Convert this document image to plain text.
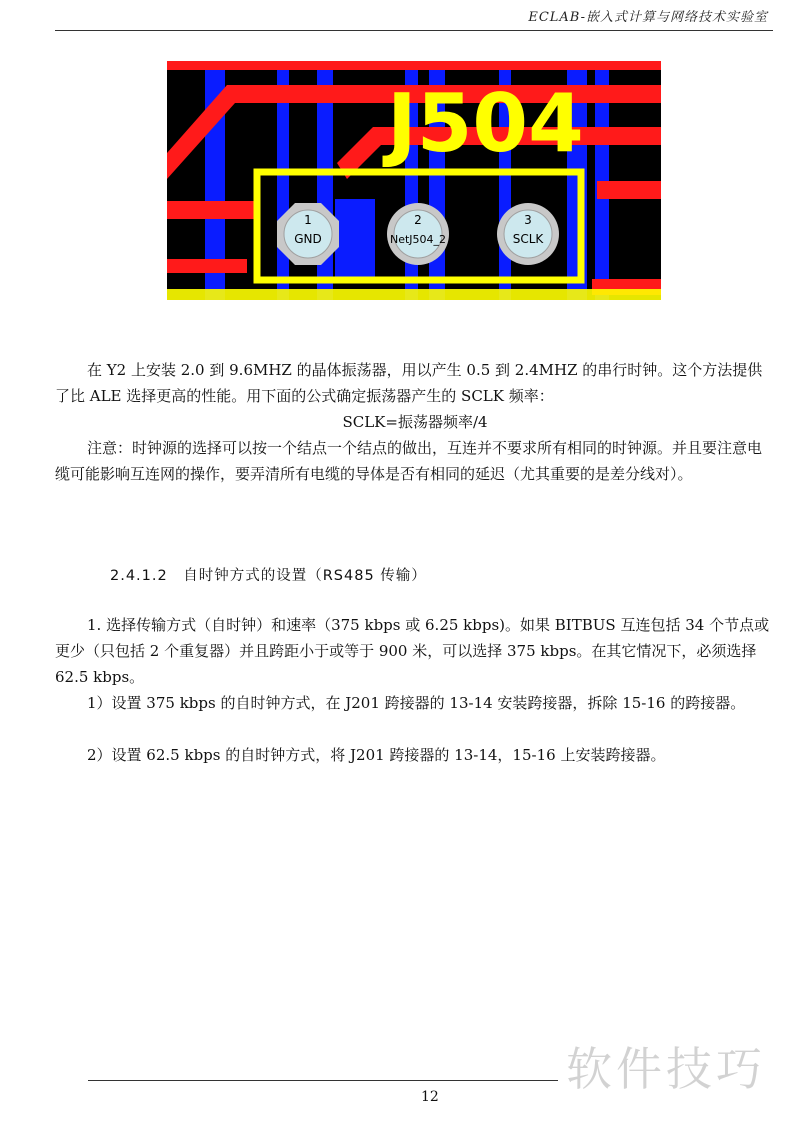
ECLAB-嵌入式计算与网络技术实验室
J504
1
GND
2
NetJ504_2
3
SCLK

在 Y2 上安装 2.0 到 9.6MHZ 的晶体振荡器，用以产生 0.5 到 2.4MHZ 的串行时钟。这个方法提供了比 ALE 选择更高的性能。用下面的公式确定振荡器产生的 SCLK 频率：

SCLK=振荡器频率/4

注意：时钟源的选择可以按一个结点一个结点的做出，互连并不要求所有相同的时钟源。并且要注意电缆可能影响互连网的操作，要弄清所有电缆的导体是否有相同的延迟（尤其重要的是差分线对）。

2.4.1.2　自时钟方式的设置（RS485 传输）

1. 选择传输方式（自时钟）和速率（375 kbps 或 6.25 kbps)。如果 BITBUS 互连包括 34 个节点或更少（只包括 2 个重复器）并且跨距小于或等于 900 米，可以选择 375 kbps。在其它情况下，必须选择 62.5 kbps。

1）设置 375 kbps 的自时钟方式，在 J201 跨接器的 13-14 安装跨接器，拆除 15-16 的跨接器。

2）设置 62.5 kbps 的自时钟方式，将 J201 跨接器的 13-14，15-16 上安装跨接器。

12
软件技巧
